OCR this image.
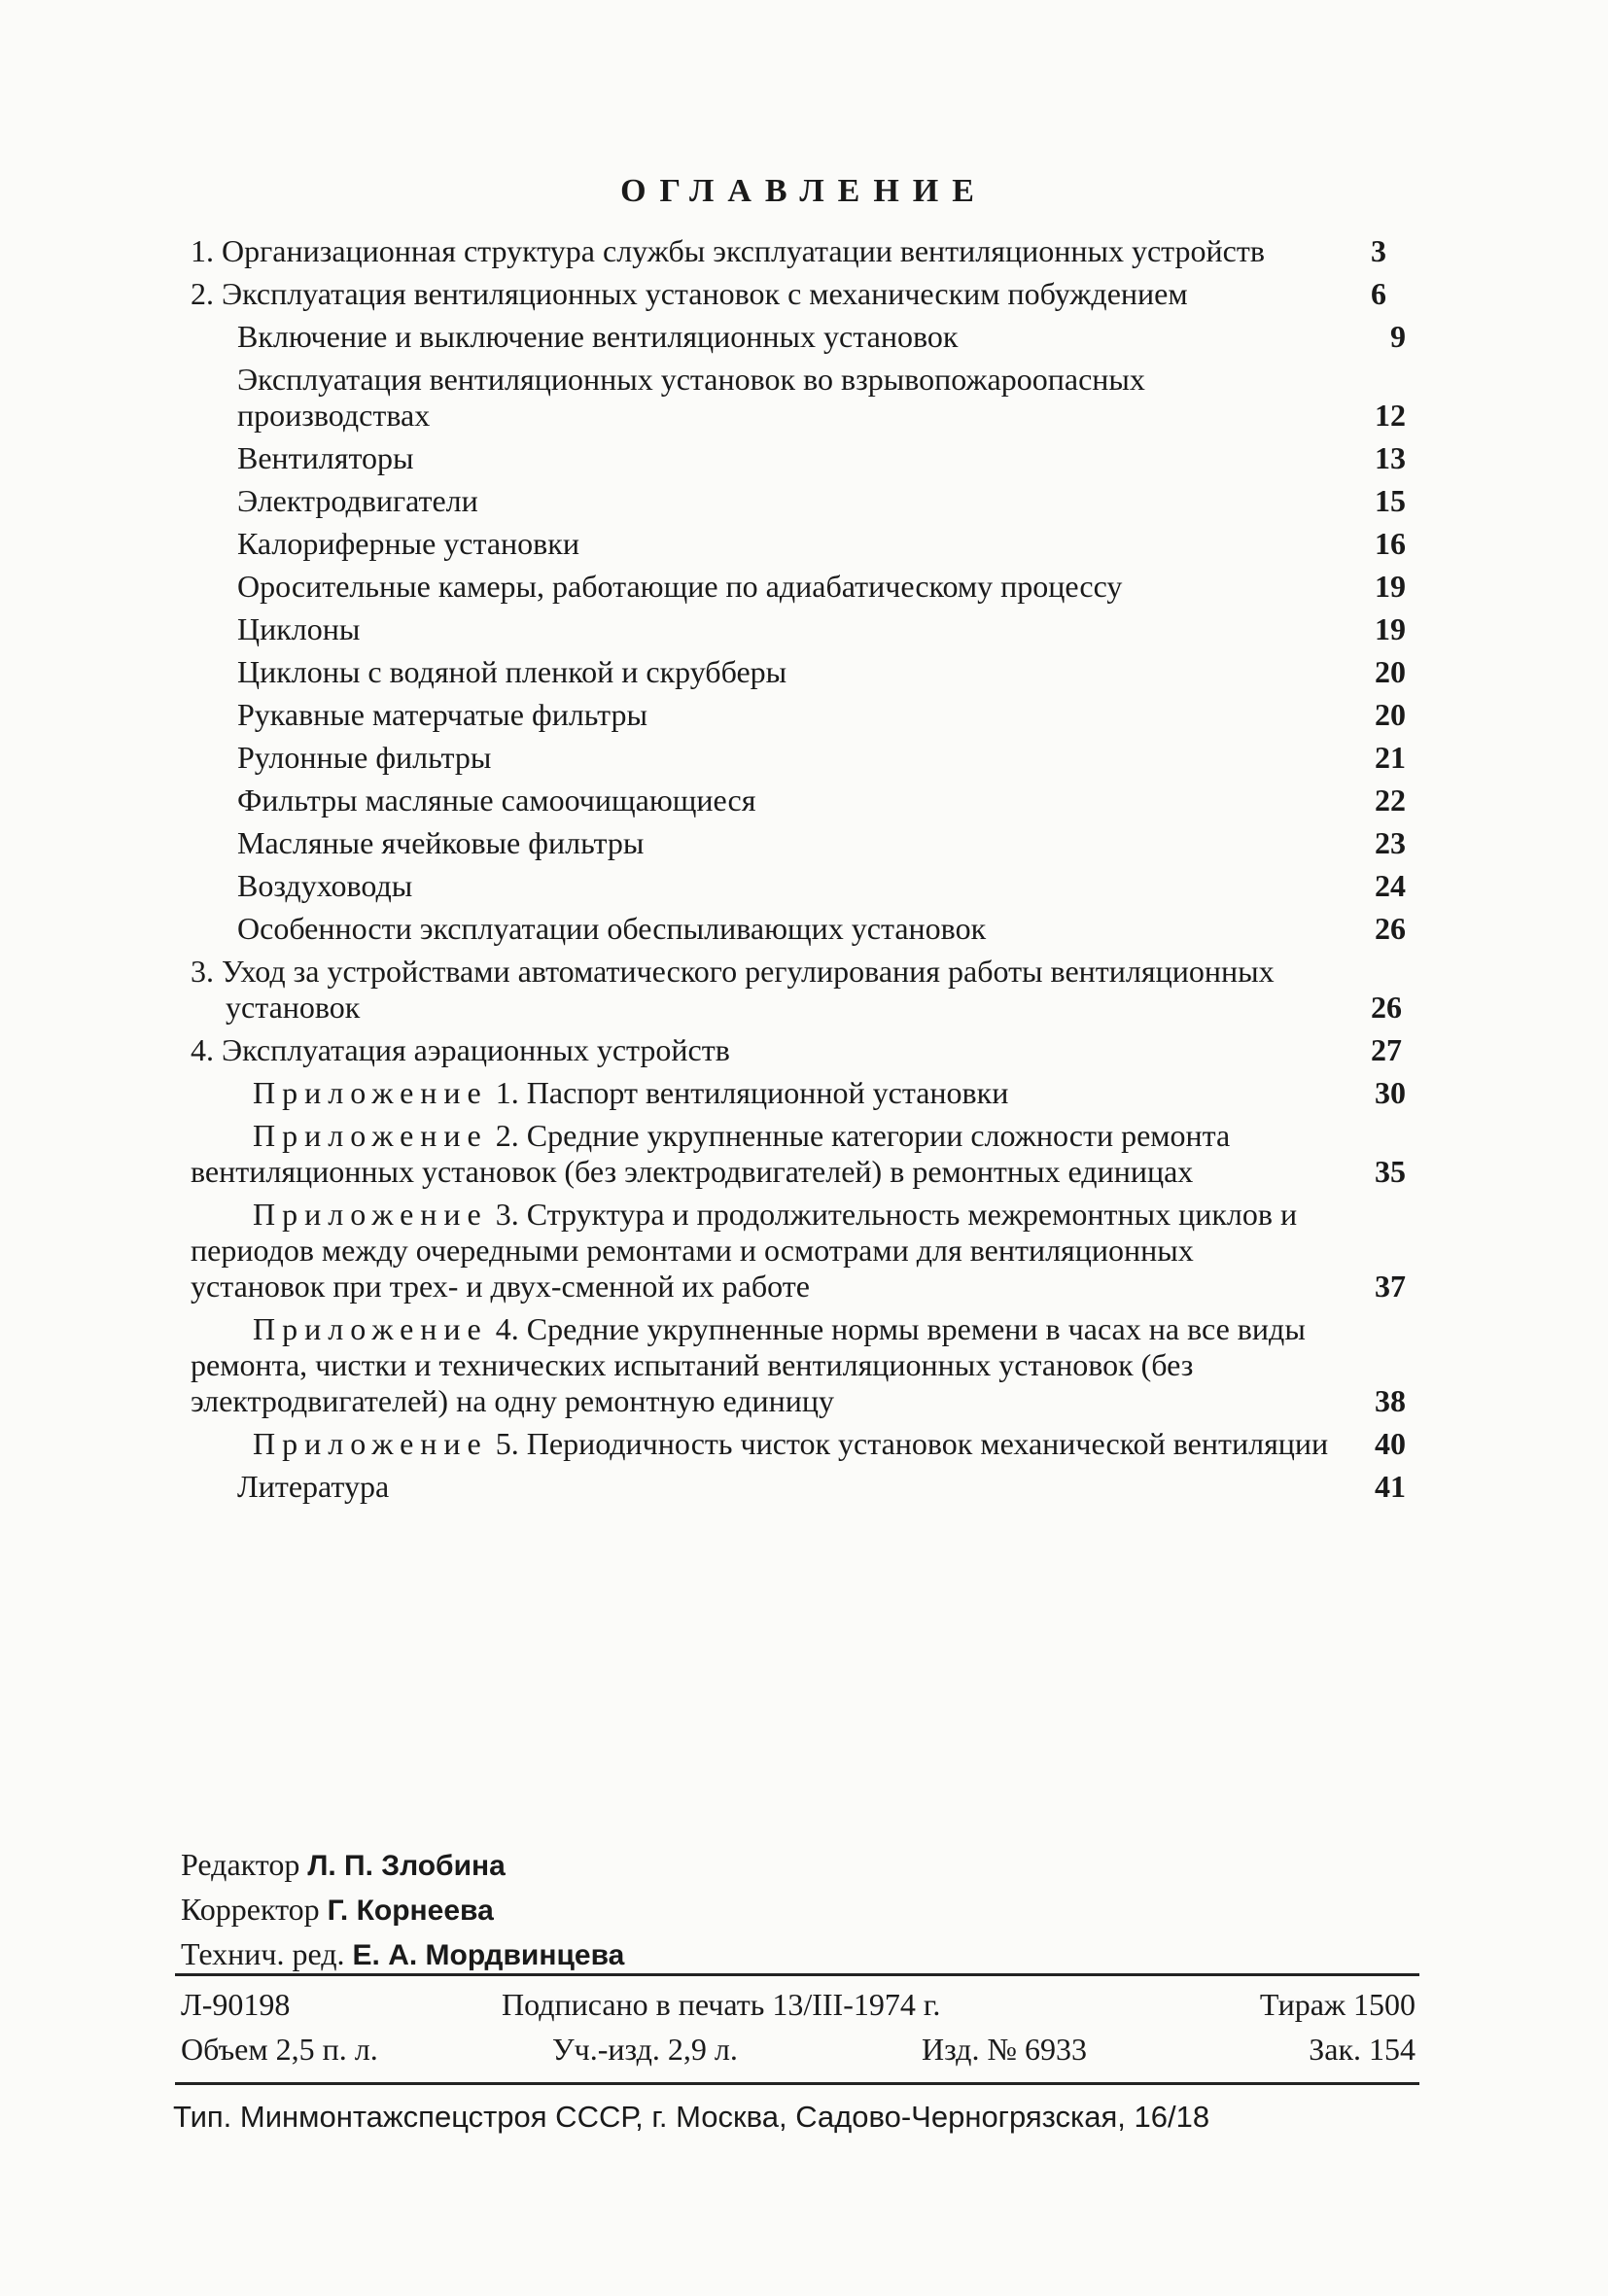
ОГЛАВЛЕНИЕ
1. Организационная структура службы эксплуатации вентиляционных устройств	3
2. Эксплуатация вентиляционных установок с механическим побуждением	6
Включение и выключение вентиляционных установок	9
Эксплуатация вентиляционных установок во взрывопожароопасных производствах	12
Вентиляторы	13
Электродвигатели	15
Калориферные установки	16
Оросительные камеры, работающие по адиабатическому процессу	19
Циклоны	19
Циклоны с водяной пленкой и скрубберы	20
Рукавные матерчатые фильтры	20
Рулонные фильтры	21
Фильтры масляные самоочищающиеся	22
Масляные ячейковые фильтры	23
Воздуховоды	24
Особенности эксплуатации обеспыливающих установок	26
3. Уход за устройствами автоматического регулирования работы вентиляционных установок	26
4. Эксплуатация аэрационных устройств	27
Приложение 1. Паспорт вентиляционной установки	30
Приложение 2. Средние укрупненные категории сложности ремонта вентиляционных установок (без электродвигателей) в ремонтных единицах	35
Приложение 3. Структура и продолжительность межремонтных циклов и периодов между очередными ремонтами и осмотрами для вентиляционных установок при трех- и двух-сменной их работе	37
Приложение 4. Средние укрупненные нормы времени в часах на все виды ремонта, чистки и технических испытаний вентиляционных установок (без электродвигателей) на одну ремонтную единицу	38
Приложение 5. Периодичность чисток установок механической вентиляции 40
Литература	41
Редактор Л. П. Злобина
Корректор Г. Корнеева
Технич. ред. Е. А. Мордвинцева
Л-90198	Подписано в печать 13/III-1974 г.	Тираж 1500
Объем 2,5 п. л.	Уч.-изд. 2,9 л.	Изд. № 6933	Зак. 154
Тип. Минмонтажспецстроя СССР, г. Москва, Садово-Черногрязская, 16/18
